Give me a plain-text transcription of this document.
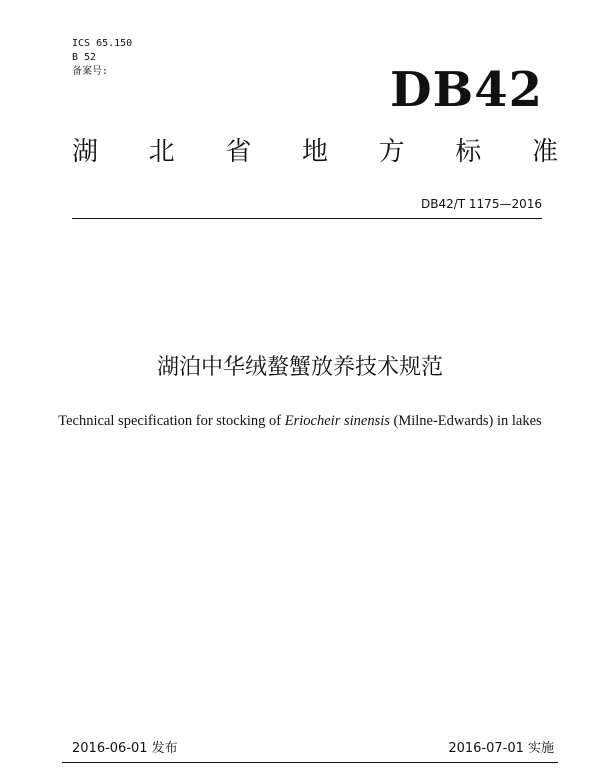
ICS 65.150
B 52
备案号:	DB42
湖 北 省 地 方 标 准
DB42/T 1175—2016
湖泊中华绒螯蟹放养技术规范
Technical specification for stocking of Eriocheir sinensis (Milne-Edwards) in lakes
2016-06-01 发布	2016-07-01 实施
